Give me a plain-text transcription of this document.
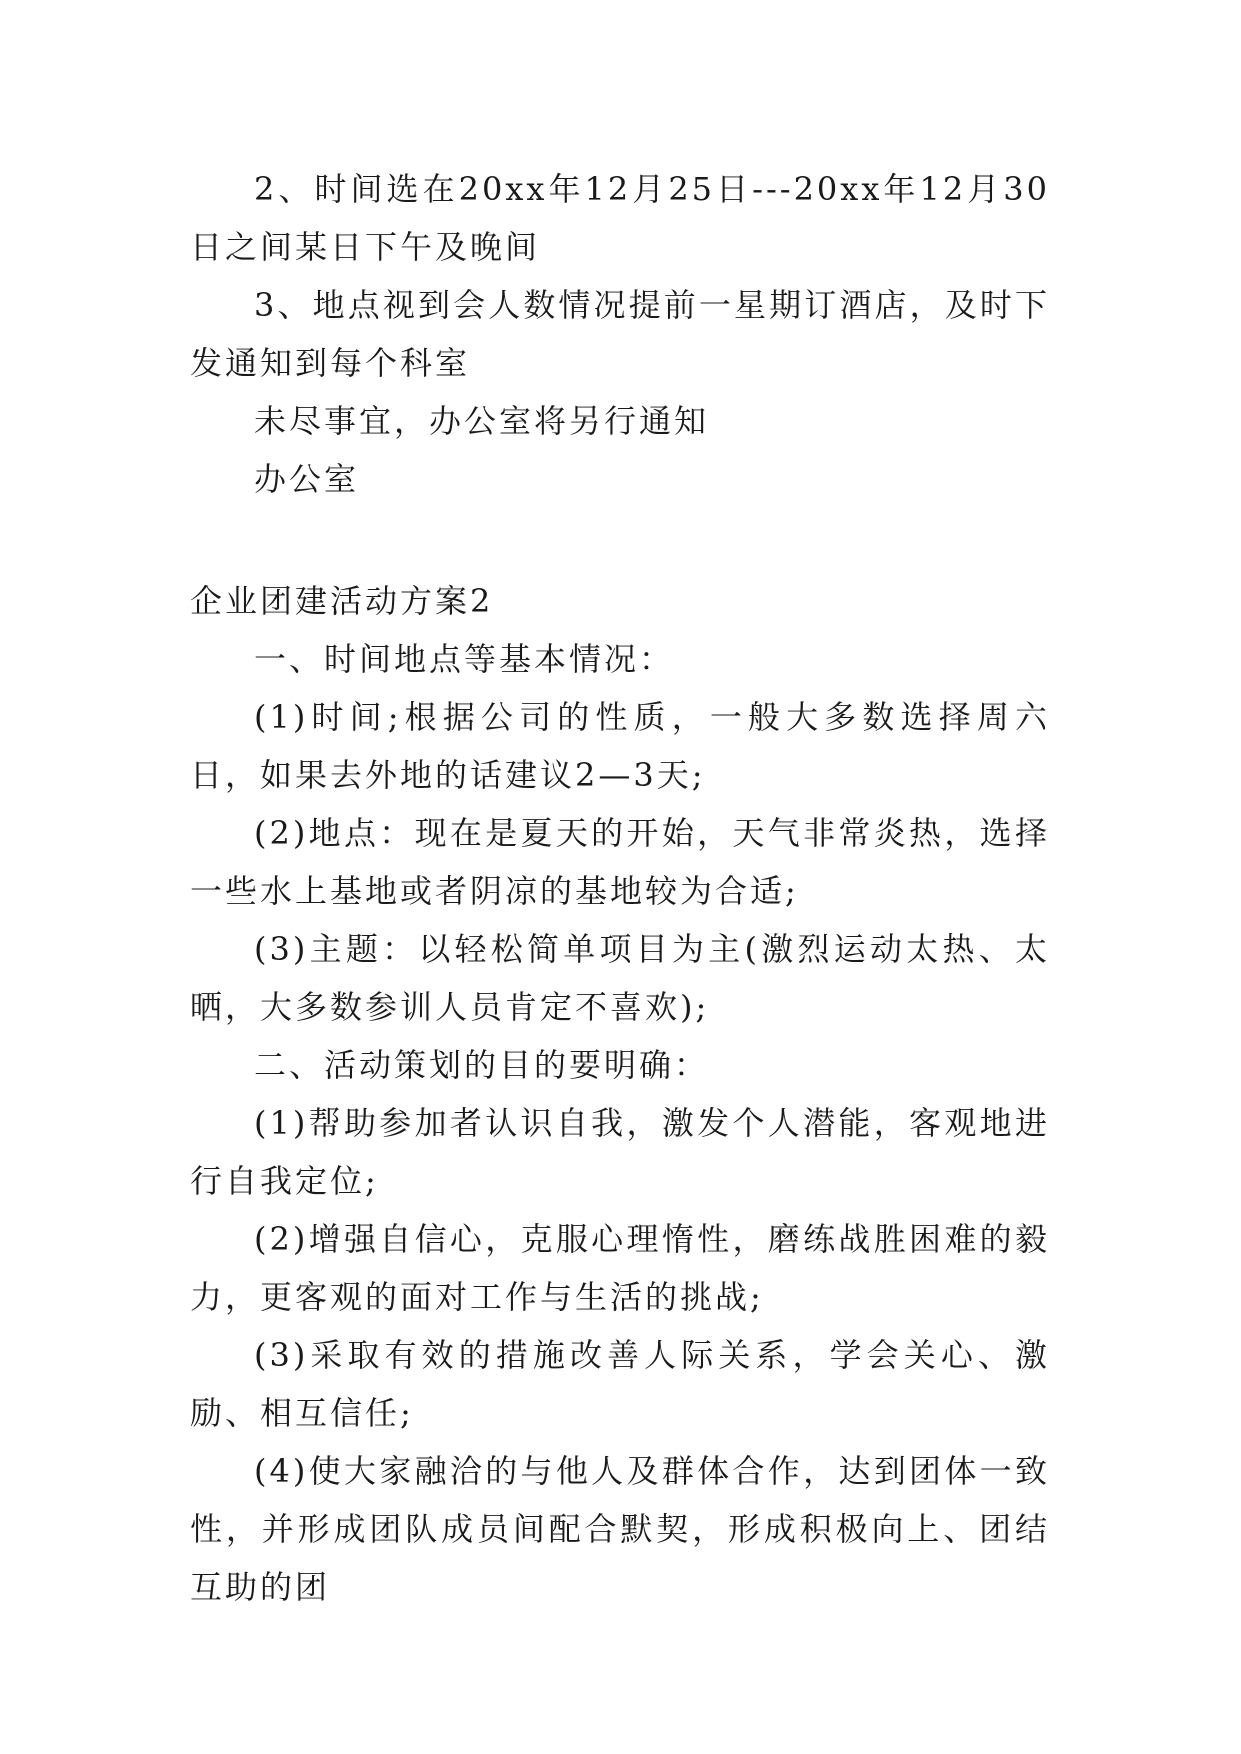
2、时间选在20xx年12月25日---20xx年12月30日之间某日下午及晚间

3、地点视到会人数情况提前一星期订酒店，及时下发通知到每个科室

未尽事宜，办公室将另行通知

办公室

企业团建活动方案2

一、时间地点等基本情况：

(1)时间;根据公司的性质，一般大多数选择周六日，如果去外地的话建议2—3天;

(2)地点：现在是夏天的开始，天气非常炎热，选择一些水上基地或者阴凉的基地较为合适;

(3)主题：以轻松简单项目为主(激烈运动太热、太晒，大多数参训人员肯定不喜欢);

二、活动策划的目的要明确：

(1)帮助参加者认识自我，激发个人潜能，客观地进行自我定位;

(2)增强自信心，克服心理惰性，磨练战胜困难的毅力，更客观的面对工作与生活的挑战;

(3)采取有效的措施改善人际关系，学会关心、激励、相互信任;

(4)使大家融洽的与他人及群体合作，达到团体一致性，并形成团队成员间配合默契，形成积极向上、团结互助的团
